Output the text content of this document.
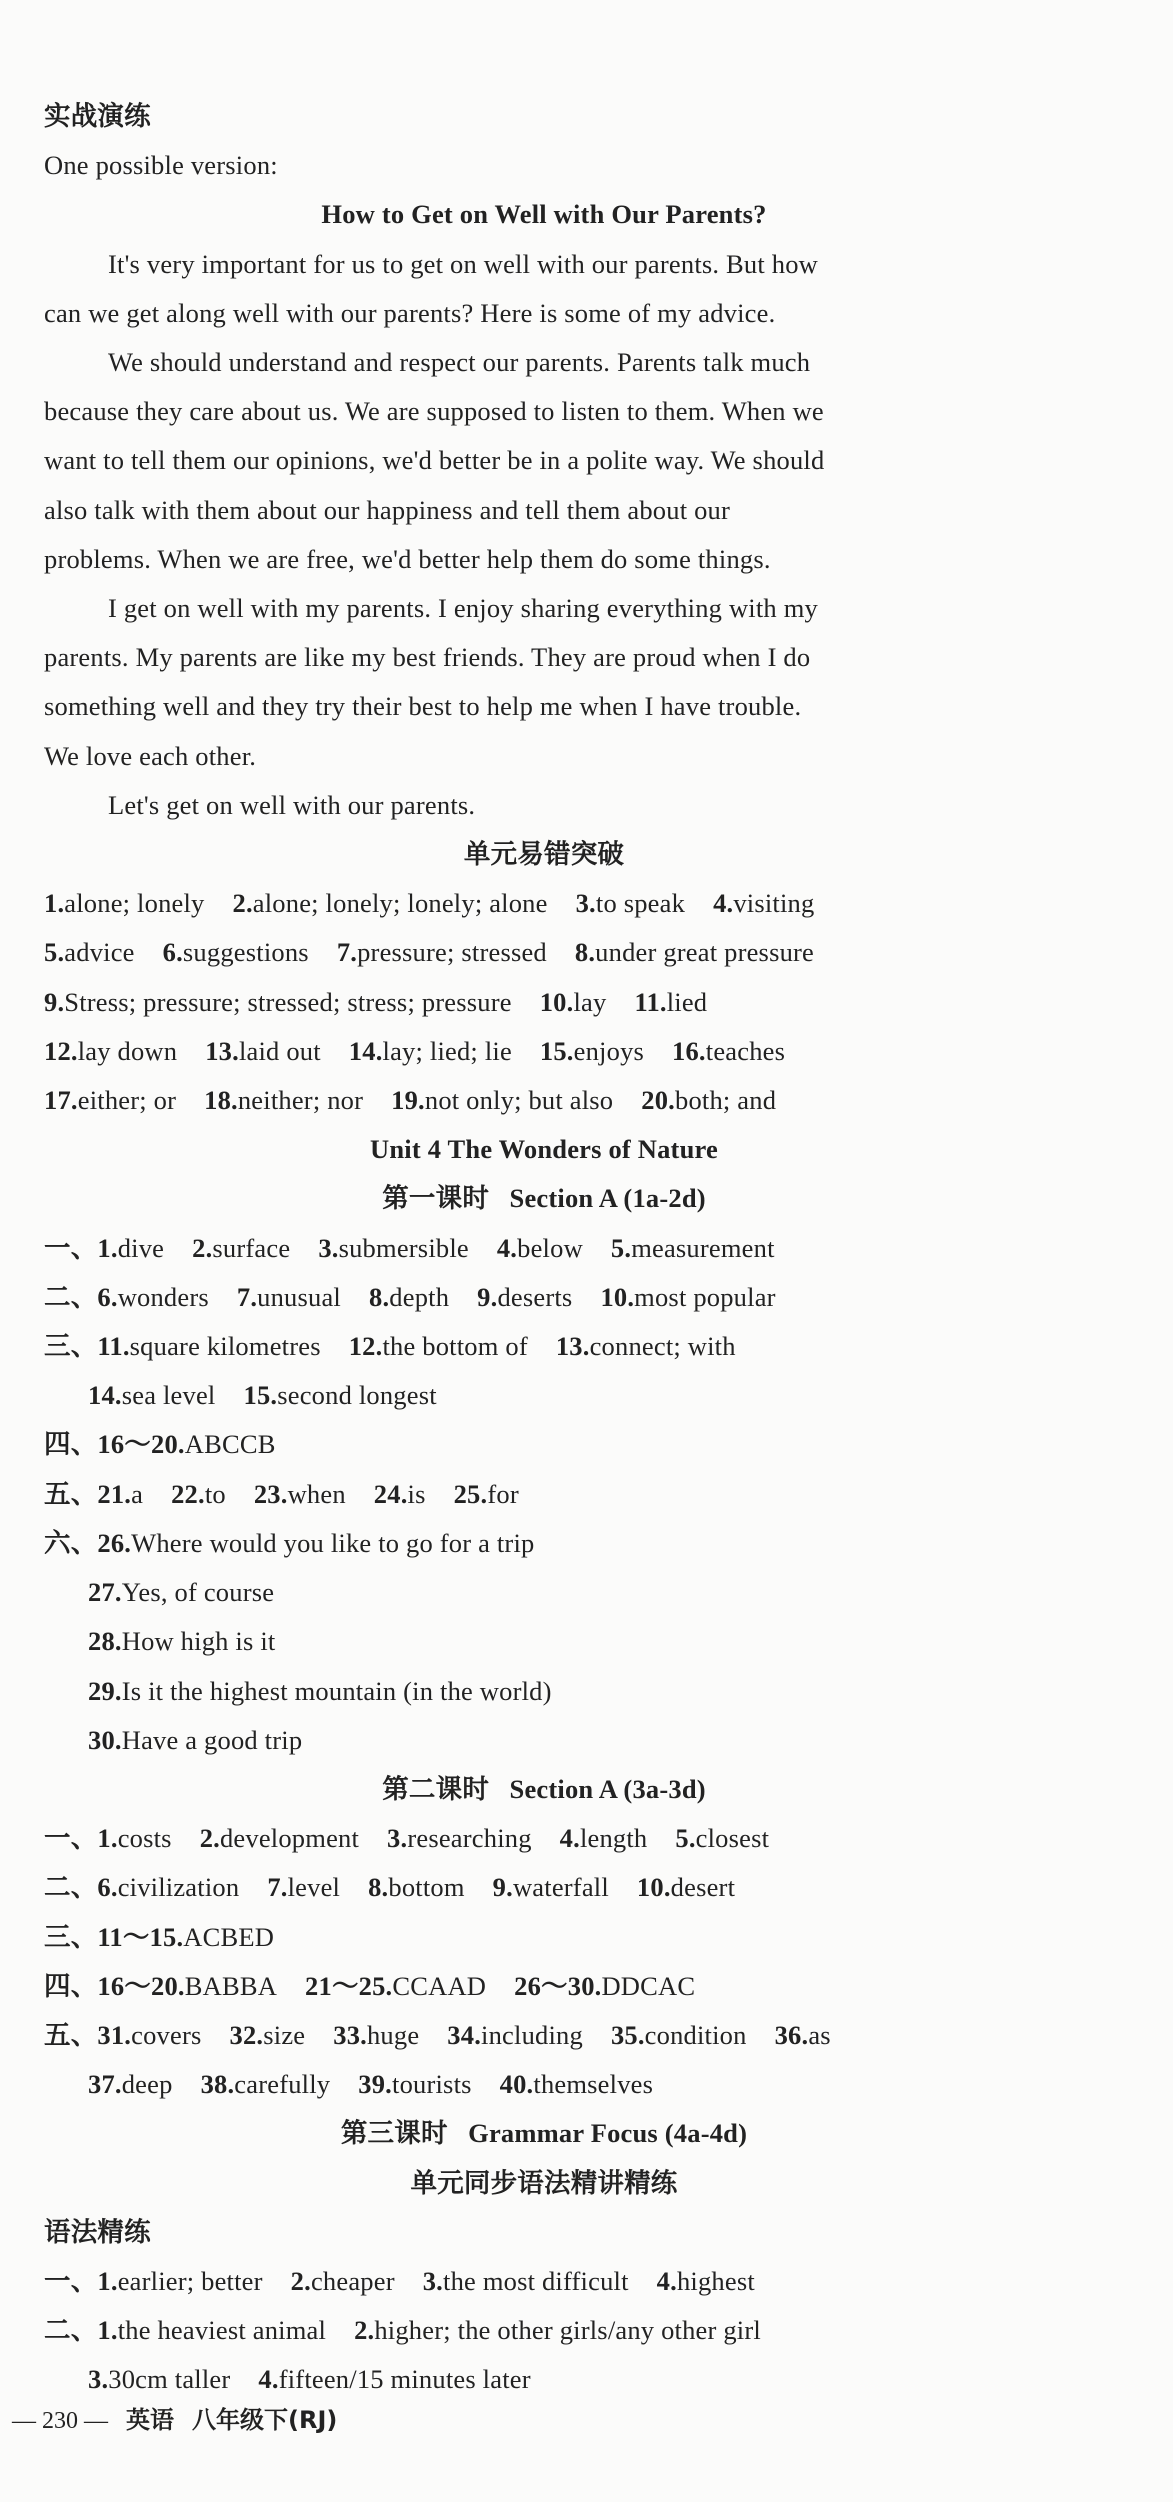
实战演练
One possible version:
How to Get on Well with Our Parents?
It's very important for us to get on well with our parents. But how
can we get along well with our parents? Here is some of my advice.
We should understand and respect our parents. Parents talk much
because they care about us. We are supposed to listen to them. When we
want to tell them our opinions, we'd better be in a polite way. We should
also talk with them about our happiness and tell them about our
problems. When we are free, we'd better help them do some things.
I get on well with my parents. I enjoy sharing everything with my
parents. My parents are like my best friends. They are proud when I do
something well and they try their best to help me when I have trouble.
We love each other.
Let's get on well with our parents.
单元易错突破
1.alone; lonely 2.alone; lonely; lonely; alone 3.to speak 4.visiting
5.advice 6.suggestions 7.pressure; stressed 8.under great pressure
9.Stress; pressure; stressed; stress; pressure 10.lay 11.lied
12.lay down 13.laid out 14.lay; lied; lie 15.enjoys 16.teaches
17.either; or 18.neither; nor 19.not only; but also 20.both; and
Unit 4 The Wonders of Nature
第一课时 Section A (1a-2d)
一、1.dive 2.surface 3.submersible 4.below 5.measurement
二、6.wonders 7.unusual 8.depth 9.deserts 10.most popular
三、11.square kilometres 12.the bottom of 13.connect; with
14.sea level 15.second longest
四、16～20.ABCCB
五、21.a 22.to 23.when 24.is 25.for
六、26.Where would you like to go for a trip
27.Yes, of course
28.How high is it
29.Is it the highest mountain (in the world)
30.Have a good trip
第二课时 Section A (3a-3d)
一、1.costs 2.development 3.researching 4.length 5.closest
二、6.civilization 7.level 8.bottom 9.waterfall 10.desert
三、11～15.ACBED
四、16～20.BABBA 21～25.CCAAD 26～30.DDCAC
五、31.covers 32.size 33.huge 34.including 35.condition 36.as
37.deep 38.carefully 39.tourists 40.themselves
第三课时 Grammar Focus (4a-4d)
单元同步语法精讲精练
语法精练
一、1.earlier; better 2.cheaper 3.the most difficult 4.highest
二、1.the heaviest animal 2.higher; the other girls/any other girl
3.30cm taller 4.fifteen/15 minutes later
— 230 — 英语 八年级下(RJ)
